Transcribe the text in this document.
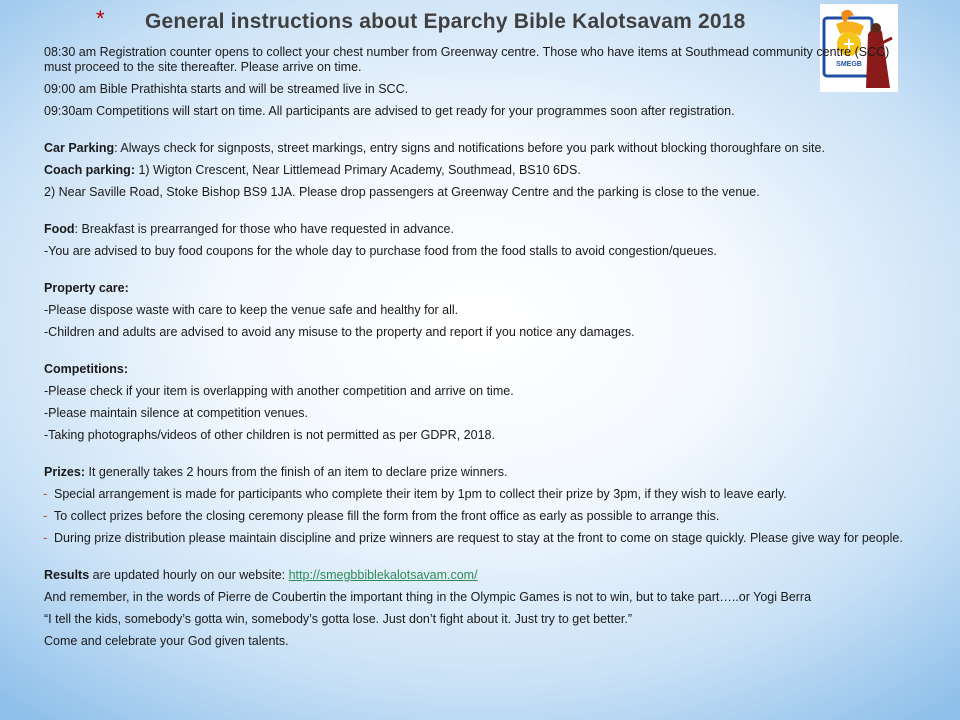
* General instructions about Eparchy Bible Kalotsavam 2018
SMEGB

08:30 am Registration counter opens to collect your chest number from Greenway centre. Those who have items at Southmead community centre (SCC) must proceed to the site thereafter. Please arrive on time.

09:00 am Bible Prathishta starts and will be streamed live in SCC.

09:30am Competitions will start on time. All participants are advised to get ready for your programmes soon after registration.

Car Parking: Always check for signposts, street markings, entry signs and notifications before you park without blocking thoroughfare on site.

Coach parking: 1) Wigton Crescent, Near Littlemead Primary Academy, Southmead, BS10 6DS.

2) Near Saville Road, Stoke Bishop BS9 1JA. Please drop passengers at Greenway Centre and the parking is close to the venue.

Food: Breakfast is prearranged for those who have requested in advance.

-You are advised to buy food coupons for the whole day to purchase food from the food stalls to avoid congestion/queues.

Property care:

-Please dispose waste with care to keep the venue safe and healthy for all.

-Children and adults are advised to avoid any misuse to the property and report if you notice any damages.

Competitions:

-Please check if your item is overlapping with another competition and arrive on time.

-Please maintain silence at competition venues.

-Taking photographs/videos of other children is not permitted as per GDPR, 2018.

Prizes: It generally takes 2 hours from the finish of an item to declare prize winners.

- Special arrangement is made for participants who complete their item by 1pm to collect their prize by 3pm, if they wish to leave early.
- To collect prizes before the closing ceremony please fill the form from the front office as early as possible to arrange this.
- During prize distribution please maintain discipline and prize winners are request to stay at the front to come on stage quickly. Please give way for people.

Results are updated hourly on our website: http://smegbbiblekalotsavam.com/

And remember, in the words of Pierre de Coubertin the important thing in the Olympic Games is not to win, but to take part…..or Yogi Berra

“I tell the kids, somebody’s gotta win, somebody’s gotta lose. Just don’t fight about it. Just try to get better.”

Come and celebrate your God given talents.
